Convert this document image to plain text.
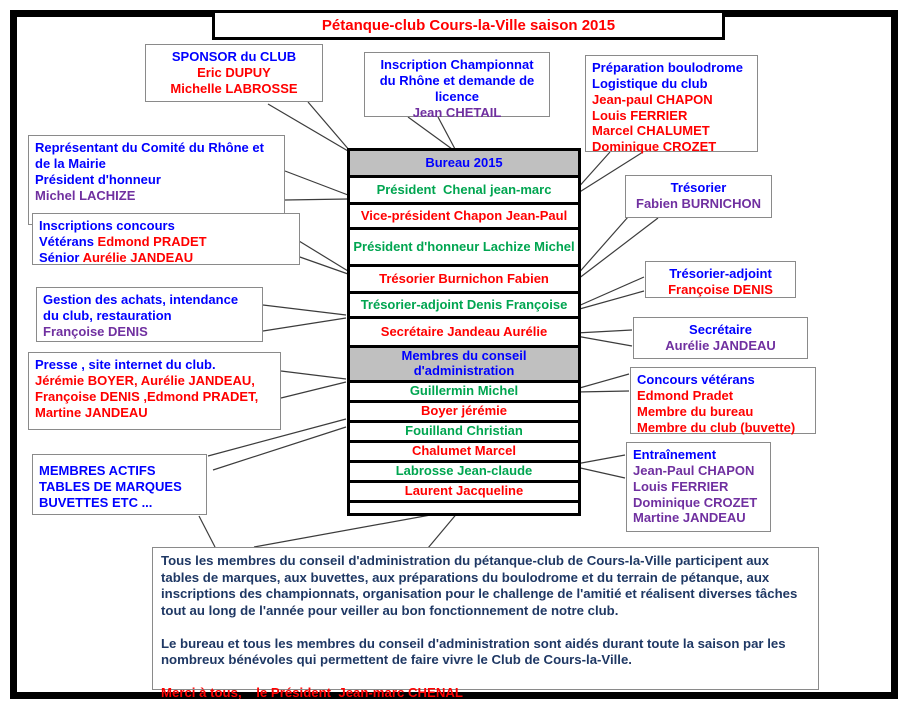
Pétanque-club Cours-la-Ville saison 2015
Bureau 2015
Président  Chenal jean-marc
Vice-président Chapon Jean-Paul
Président d'honneur Lachize Michel
Trésorier Burnichon Fabien
Trésorier-adjoint Denis Françoise
Secrétaire Jandeau Aurélie
Membres du conseil d'administration
Guillermin Michel
Boyer jérémie
Fouilland Christian
Chalumet Marcel
Labrosse Jean-claude
Laurent Jacqueline
SPONSOR du CLUB
Eric DUPUY
Michelle LABROSSE
Inscription Championnat du Rhône et demande de licence
Jean CHETAIL
Préparation boulodrome
Logistique du club
Jean-paul CHAPON
Louis FERRIER
Marcel CHALUMET
Dominique CROZET
Représentant du Comité du Rhône et de la Mairie
Président d'honneur
Michel LACHIZE
Inscriptions concours
Vétérans Edmond PRADET
Sénior Aurélie JANDEAU
Gestion des achats, intendance du club, restauration
Françoise DENIS
Presse , site internet du club.
Jérémie BOYER, Aurélie JANDEAU, Françoise DENIS ,Edmond PRADET, Martine JANDEAU
MEMBRES ACTIFS
TABLES DE MARQUES
BUVETTES ETC ...
Trésorier
Fabien BURNICHON
Trésorier-adjoint
Françoise DENIS
Secrétaire
Aurélie JANDEAU
Concours vétérans
Edmond Pradet
Membre du bureau
Membre du club (buvette)
Entraînement
Jean-Paul CHAPON
Louis FERRIER
Dominique CROZET
Martine JANDEAU

Tous les membres du conseil d'administration du pétanque-club de Cours-la-Ville participent aux tables de marques, aux buvettes, aux préparations du boulodrome et du terrain de pétanque, aux inscriptions des championnats, organisation pour le challenge de l'amitié et réalisent diverses tâches  tout au long de l'année pour veiller au bon fonctionnement de notre club.

Le bureau et tous les membres du conseil d'administration sont aidés durant toute la saison par les nombreux bénévoles qui permettent de faire vivre le Club de Cours-la-Ville.

Merci à tous,    le Président  Jean-marc CHENAL
